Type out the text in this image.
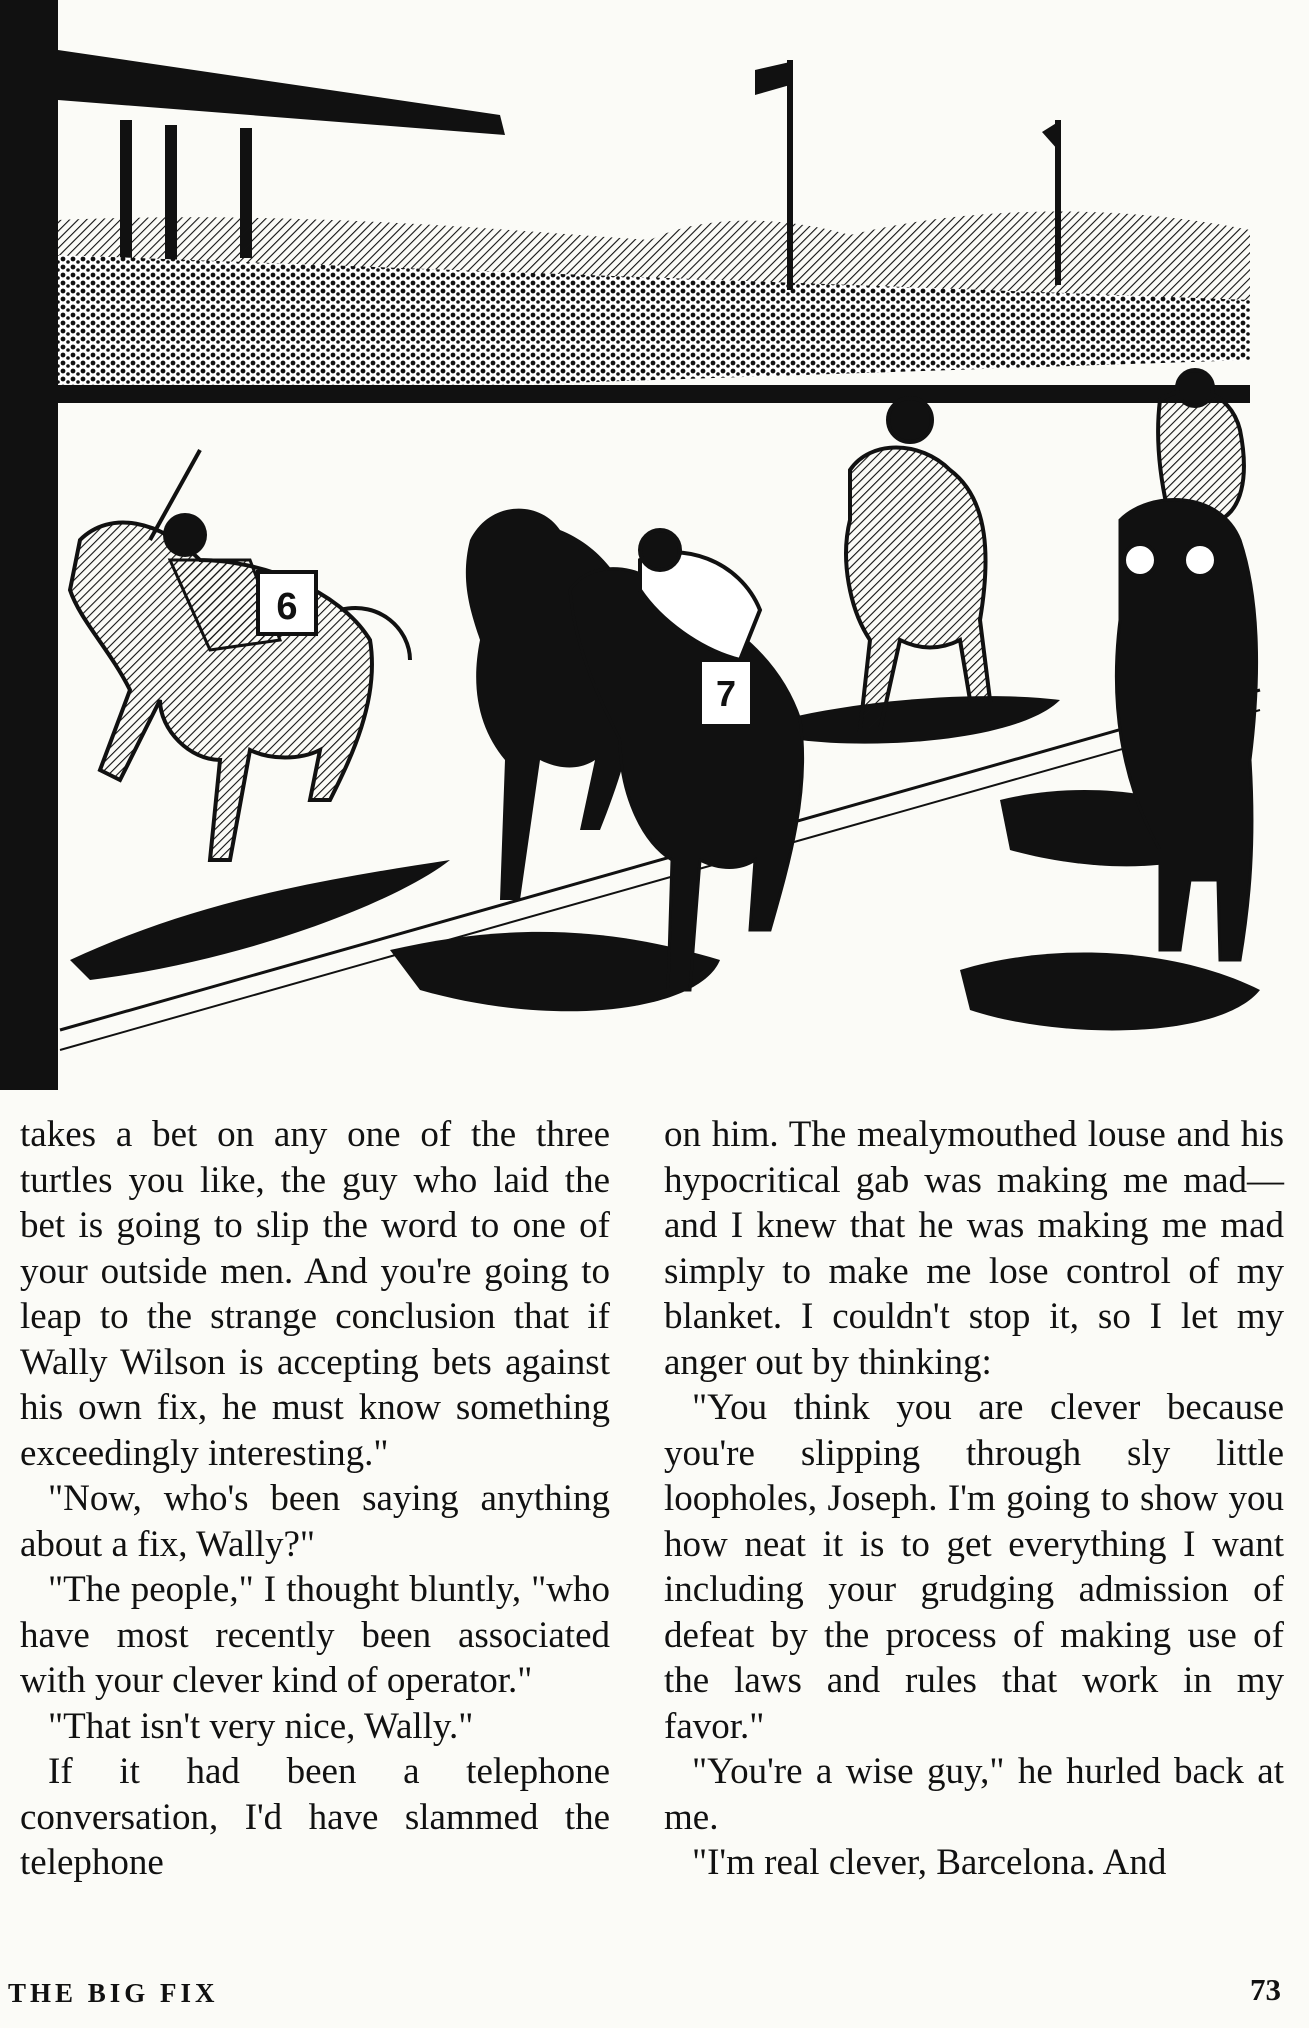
6
7

takes a bet on any one of the three turtles you like, the guy who laid the bet is going to slip the word to one of your outside men. And you're going to leap to the strange conclusion that if Wally Wilson is accepting bets against his own fix, he must know something exceedingly interesting."

"Now, who's been saying anything about a fix, Wally?"

"The people," I thought bluntly, "who have most recently been associated with your clever kind of operator."

"That isn't very nice, Wally."

If it had been a telephone conversation, I'd have slammed the telephone

on him. The mealymouthed louse and his hypocritical gab was making me mad—and I knew that he was making me mad simply to make me lose control of my blanket. I couldn't stop it, so I let my anger out by thinking:

"You think you are clever because you're slipping through sly little loopholes, Joseph. I'm going to show you how neat it is to get everything I want including your grudging admission of defeat by the process of making use of the laws and rules that work in my favor."

"You're a wise guy," he hurled back at me.

"I'm real clever, Barcelona. And

THE BIG FIX	73
